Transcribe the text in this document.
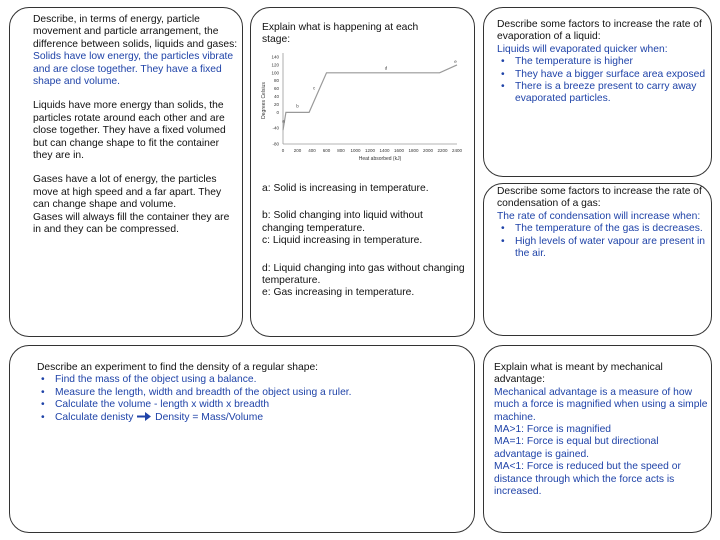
Describe, in terms of energy, particle movement and particle arrangement, the difference between solids, liquids and gases:

Solids have low energy, the particles vibrate and are close together. They have a fixed shape and volume.

Liquids have more energy than solids, the particles rotate around each other and are close together. They have a fixed volumed but can change shape to fit the container they are in.

Gases have a lot of energy, the particles move at high speed and a far apart. They can change shape and volume.

Gases will always fill the container they are in and they can be compressed.

Explain what is happening at each stage:
-80
-40
0
20
40
60
80
100
120
140
0 200 400 600 800 1000 1200 1400 1600 1800 2000 2200 2400
Heat absorbed (kJ)
Degrees Celsius
a
b
c
d
e

a: Solid is increasing in temperature.

b: Solid changing into liquid without changing temperature.

c: Liquid increasing in temperature.

d: Liquid changing into gas without changing temperature.

e: Gas increasing in temperature.

Describe some factors to increase the rate of evaporation of a liquid:

Liquids will evaporated quicker when:

• The temperature is higher
• They have a bigger surface area exposed
• There is a breeze present to carry away evaporated particles.

Describe some factors to increase the rate of condensation of a gas:

The rate of condensation will increase when:

• The temperature of the gas is decreases.
• High levels of water vapour are present in the air.

Describe an experiment to find the density of a regular shape:

• Find the mass of the object using a balance.
• Measure the length, width and breadth of the object using a ruler.
• Calculate the volume - length x width x breadth
• Calculate denisty Density = Mass/Volume

Explain what is meant by mechanical advantage:

Mechanical advantage is a measure of how much a force is magnified when using a simple machine.

MA>1: Force is magnified

MA=1: Force is equal but directional advantage is gained.

MA<1: Force is reduced but the speed or distance through which the force acts is increased.
